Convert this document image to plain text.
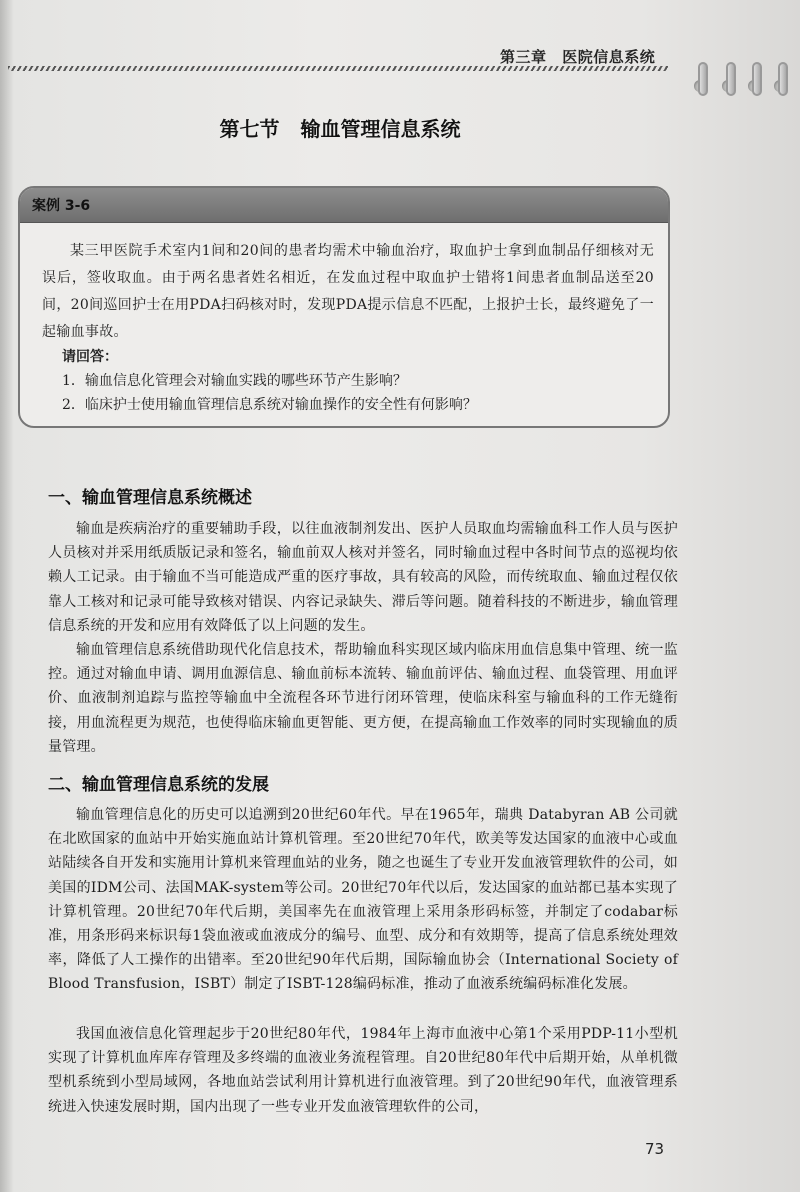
第三章 医院信息系统
第七节 输血管理信息系统
案例 3-6
某三甲医院手术室内1间和20间的患者均需术中输血治疗，取血护士拿到血制品仔细核对无误后，签收取血。由于两名患者姓名相近，在发血过程中取血护士错将1间患者血制品送至20间，20间巡回护士在用PDA扫码核对时，发现PDA提示信息不匹配，上报护士长，最终避免了一起输血事故。
请回答：
1．输血信息化管理会对输血实践的哪些环节产生影响？
2．临床护士使用输血管理信息系统对输血操作的安全性有何影响？
一、输血管理信息系统概述
输血是疾病治疗的重要辅助手段，以往血液制剂发出、医护人员取血均需输血科工作人员与医护人员核对并采用纸质版记录和签名，输血前双人核对并签名，同时输血过程中各时间节点的巡视均依赖人工记录。由于输血不当可能造成严重的医疗事故，具有较高的风险，而传统取血、输血过程仅依靠人工核对和记录可能导致核对错误、内容记录缺失、滞后等问题。随着科技的不断进步，输血管理信息系统的开发和应用有效降低了以上问题的发生。
输血管理信息系统借助现代化信息技术，帮助输血科实现区域内临床用血信息集中管理、统一监控。通过对输血申请、调用血源信息、输血前标本流转、输血前评估、输血过程、血袋管理、用血评价、血液制剂追踪与监控等输血中全流程各环节进行闭环管理，使临床科室与输血科的工作无缝衔接，用血流程更为规范，也使得临床输血更智能、更方便，在提高输血工作效率的同时实现输血的质量管理。
二、输血管理信息系统的发展
输血管理信息化的历史可以追溯到20世纪60年代。早在1965年，瑞典 Databyran AB 公司就在北欧国家的血站中开始实施血站计算机管理。至20世纪70年代，欧美等发达国家的血液中心或血站陆续各自开发和实施用计算机来管理血站的业务，随之也诞生了专业开发血液管理软件的公司，如美国的IDM公司、法国MAK-system等公司。20世纪70年代以后，发达国家的血站都已基本实现了计算机管理。20世纪70年代后期，美国率先在血液管理上采用条形码标签，并制定了codabar标准，用条形码来标识每1袋血液或血液成分的编号、血型、成分和有效期等，提高了信息系统处理效率，降低了人工操作的出错率。至20世纪90年代后期，国际输血协会（International Society of Blood Transfusion，ISBT）制定了ISBT-128编码标准，推动了血液系统编码标准化发展。
我国血液信息化管理起步于20世纪80年代，1984年上海市血液中心第1个采用PDP-11小型机实现了计算机血库库存管理及多终端的血液业务流程管理。自20世纪80年代中后期开始，从单机微型机系统到小型局域网，各地血站尝试利用计算机进行血液管理。到了20世纪90年代，血液管理系统进入快速发展时期，国内出现了一些专业开发血液管理软件的公司，
73
